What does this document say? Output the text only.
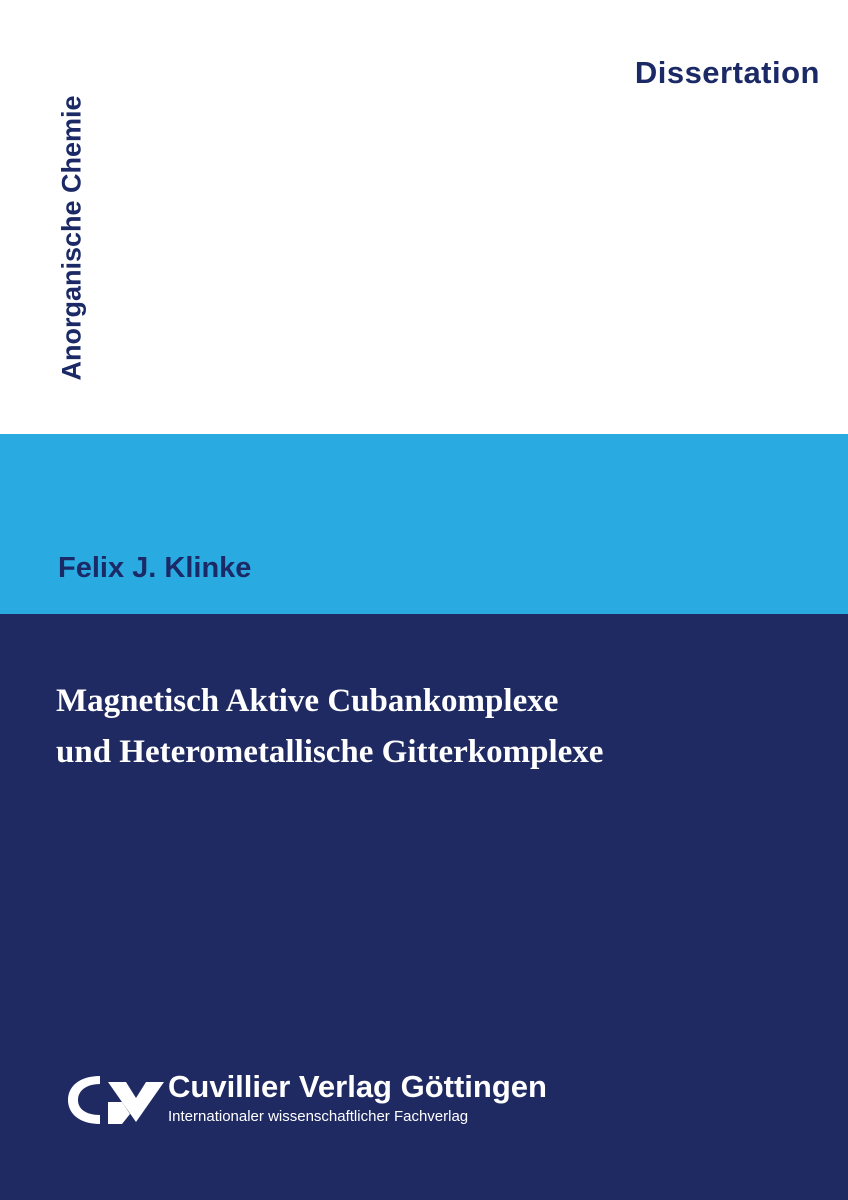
Anorganische Chemie
Dissertation
Felix J. Klinke
Magnetisch Aktive Cubankomplexe
und Heterometallische Gitterkomplexe
Cuvillier Verlag Göttingen
Internationaler wissenschaftlicher Fachverlag
